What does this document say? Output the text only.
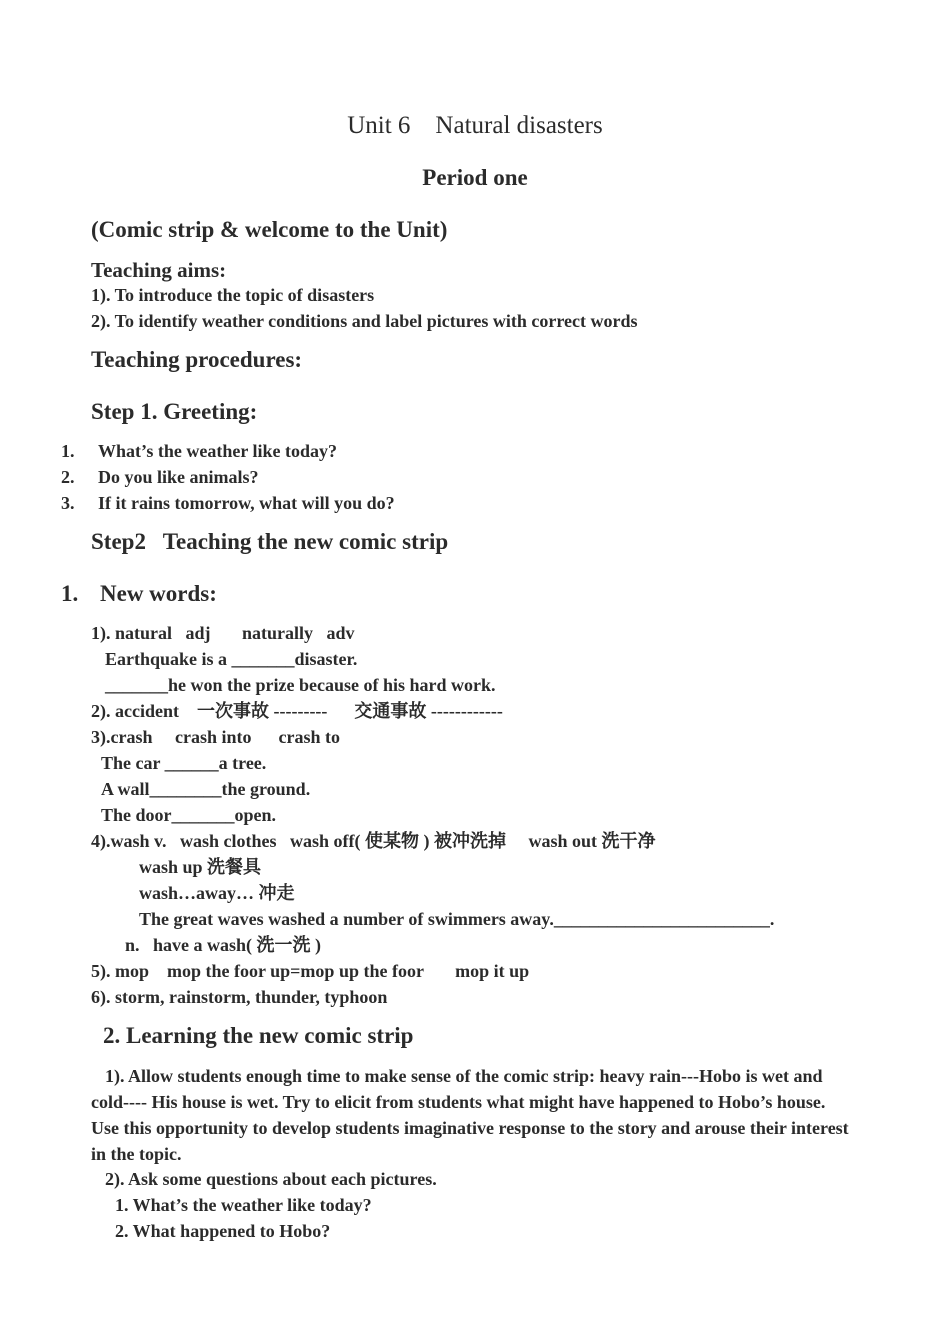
Unit 6    Natural disasters
Period one
(Comic strip & welcome to the Unit)
Teaching aims:
1). To introduce the topic of disasters
2). To identify weather conditions and label pictures with correct words
Teaching procedures:
Step 1. Greeting:
1. What’s the weather like today?
2. Do you like animals?
3. If it rains tomorrow, what will you do?
Step2   Teaching the new comic strip
1. New words:
1). natural   adj       naturally   adv
Earthquake is a _______disaster.
_______he won the prize because of his hard work.
2). accident    一次事故 ---------      交通事故 ------------
3).crash     crash into      crash to
The car ______a tree.
A wall________the ground.
The door_______open.
4).wash v.   wash clothes   wash off( 使某物 ) 被冲洗掉     wash out 洗干净
wash up 洗餐具
wash…away… 冲走
The great waves washed a number of swimmers away.________________________.
n.   have a wash( 洗一洗 )
5). mop    mop the foor up=mop up the foor       mop it up
6). storm, rainstorm, thunder, typhoon
2. Learning the new comic strip
1). Allow students enough time to make sense of the comic strip: heavy rain---Hobo is wet and cold---- His house is wet. Try to elicit from students what might have happened to Hobo’s house. Use this opportunity to develop students imaginative response to the story and arouse their interest in the topic.
2). Ask some questions about each pictures.
1. What’s the weather like today?
2. What happened to Hobo?
